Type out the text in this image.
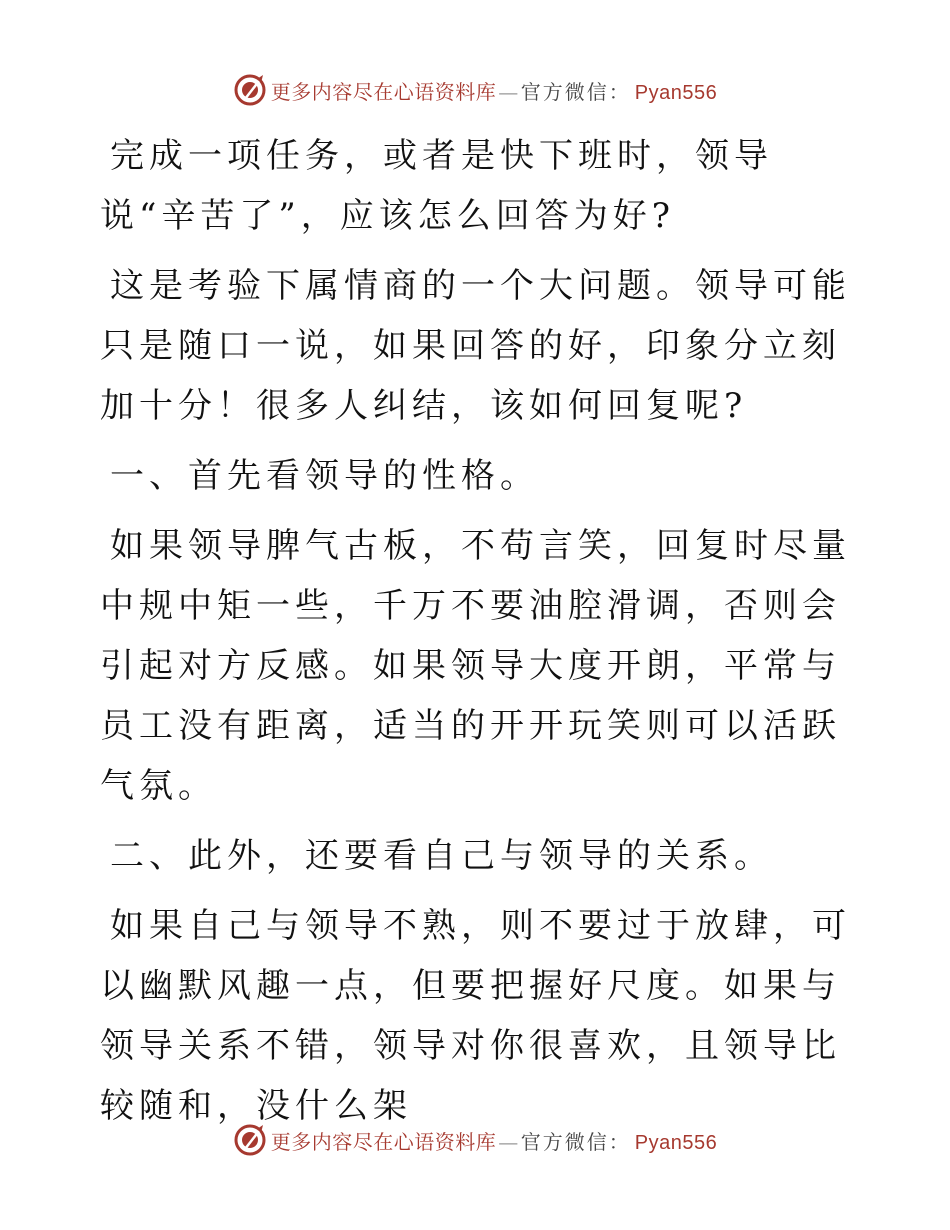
更多内容尽在心语资料库 — 官方微信： Pyan556

完成一项任务，或者是快下班时，领导说“辛苦了”，应该怎么回答为好?

这是考验下属情商的一个大问题。领导可能只是随口一说，如果回答的好，印象分立刻加十分！很多人纠结，该如何回复呢?

一、首先看领导的性格。

如果领导脾气古板，不苟言笑，回复时尽量中规中矩一些，千万不要油腔滑调，否则会引起对方反感。如果领导大度开朗，平常与员工没有距离，适当的开开玩笑则可以活跃气氛。

二、此外，还要看自己与领导的关系。

如果自己与领导不熟，则不要过于放肆，可以幽默风趣一点，但要把握好尺度。如果与领导关系不错，领导对你很喜欢，且领导比较随和，没什么架

更多内容尽在心语资料库 — 官方微信： Pyan556
